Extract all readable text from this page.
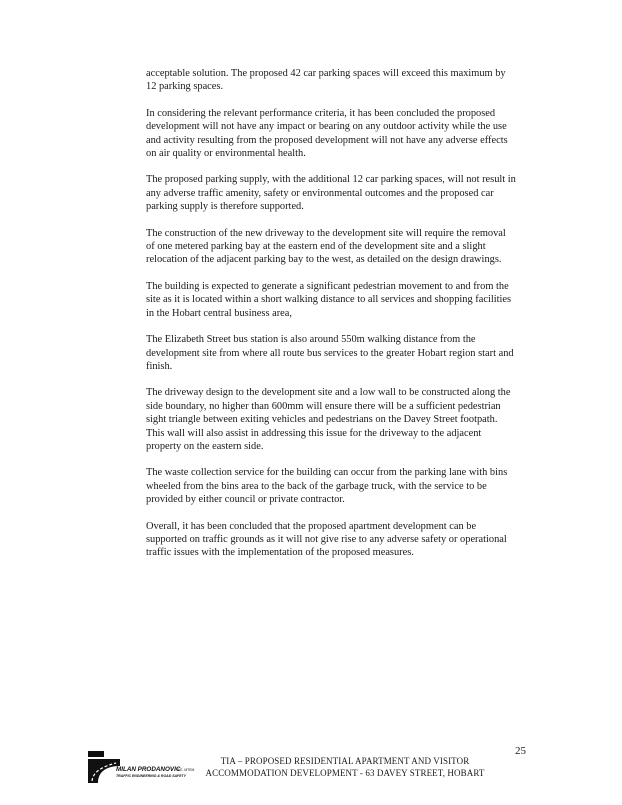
acceptable solution. The proposed 42 car parking spaces will exceed this maximum by 12 parking spaces.

In considering the relevant performance criteria, it has been concluded the proposed development will not have any impact or bearing on any outdoor activity while the use and activity resulting from the proposed development will not have any adverse effects on air quality or environmental health.

The proposed parking supply, with the additional 12 car parking spaces, will not result in any adverse traffic amenity, safety or environmental outcomes and the proposed car parking supply is therefore supported.

The construction of the new driveway to the development site will require the removal of one metered parking bay at the eastern end of the development site and a slight relocation of the adjacent parking bay to the west, as detailed on the design drawings.

The building is expected to generate a significant pedestrian movement to and from the site as it is located within a short walking distance to all services and shopping facilities in the Hobart central business area,

The Elizabeth Street bus station is also around 550m walking distance from the development site from where all route bus services to the greater Hobart region start and finish.

The driveway design to the development site and a low wall to be constructed along the side boundary, no higher than 600mm will ensure there will be a sufficient pedestrian sight triangle between exiting vehicles and pedestrians on the Davey Street footpath. This wall will also assist in addressing this issue for the driveway to the adjacent property on the eastern side.

The waste collection service for the building can occur from the parking lane with bins wheeled from the bins area to the back of the garbage truck, with the service to be provided by either council or private contractor.

Overall, it has been concluded that the proposed apartment development can be supported on traffic grounds as it will not give rise to any adverse safety or operational traffic issues with the implementation of the proposed measures.

25
MILAN PRODANOVIC
B.E. MTEM
TRAFFIC ENGINEERING & ROAD SAFETY
TIA – PROPOSED RESIDENTIAL APARTMENT AND VISITOR
ACCOMMODATION DEVELOPMENT - 63 DAVEY STREET, HOBART
